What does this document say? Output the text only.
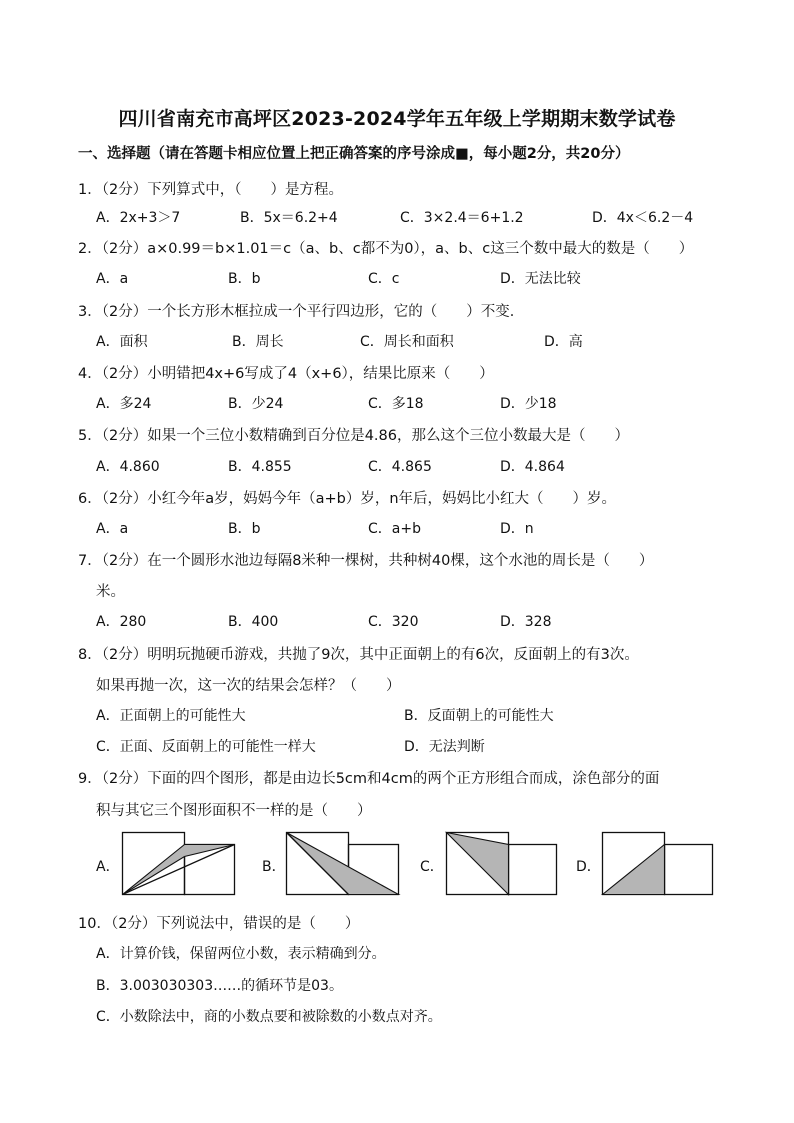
四川省南充市高坪区2023-2024学年五年级上学期期末数学试卷
一、选择题（请在答题卡相应位置上把正确答案的序号涂成■，每小题2分，共20分）
1．（2分）下列算式中，（　　）是方程。
A．2x+3＞7	B．5x＝6.2+4	C．3×2.4＝6+1.2	D．4x＜6.2－4
2．（2分）a×0.99＝b×1.01＝c（a、b、c都不为0），a、b、c这三个数中最大的数是（　　）
A．a	B．b	C．c	D．无法比较
3．（2分）一个长方形木框拉成一个平行四边形，它的（　　）不变．
A．面积	B．周长	C．周长和面积	D．高
4．（2分）小明错把4x+6写成了4（x+6），结果比原来（　　）
A．多24	B．少24	C．多18	D．少18
5．（2分）如果一个三位小数精确到百分位是4.86，那么这个三位小数最大是（　　）
A．4.860	B．4.855	C．4.865	D．4.864
6．（2分）小红今年a岁，妈妈今年（a+b）岁，n年后，妈妈比小红大（　　）岁。
A．a	B．b	C．a+b	D．n
7．（2分）在一个圆形水池边每隔8米种一棵树，共种树40棵，这个水池的周长是（　　）
米。
A．280	B．400	C．320	D．328
8．（2分）明明玩抛硬币游戏，共抛了9次，其中正面朝上的有6次，反面朝上的有3次。
如果再抛一次，这一次的结果会怎样？（　　）
A．正面朝上的可能性大	B．反面朝上的可能性大
C．正面、反面朝上的可能性一样大	D．无法判断
9．（2分）下面的四个图形，都是由边长5cm和4cm的两个正方形组合而成，涂色部分的面
积与其它三个图形面积不一样的是（　　）
A．	B．	C．	D．
10．（2分）下列说法中，错误的是（　　）
A．计算价钱，保留两位小数，表示精确到分。
B．3.003030303……的循环节是03。
C．小数除法中，商的小数点要和被除数的小数点对齐。
